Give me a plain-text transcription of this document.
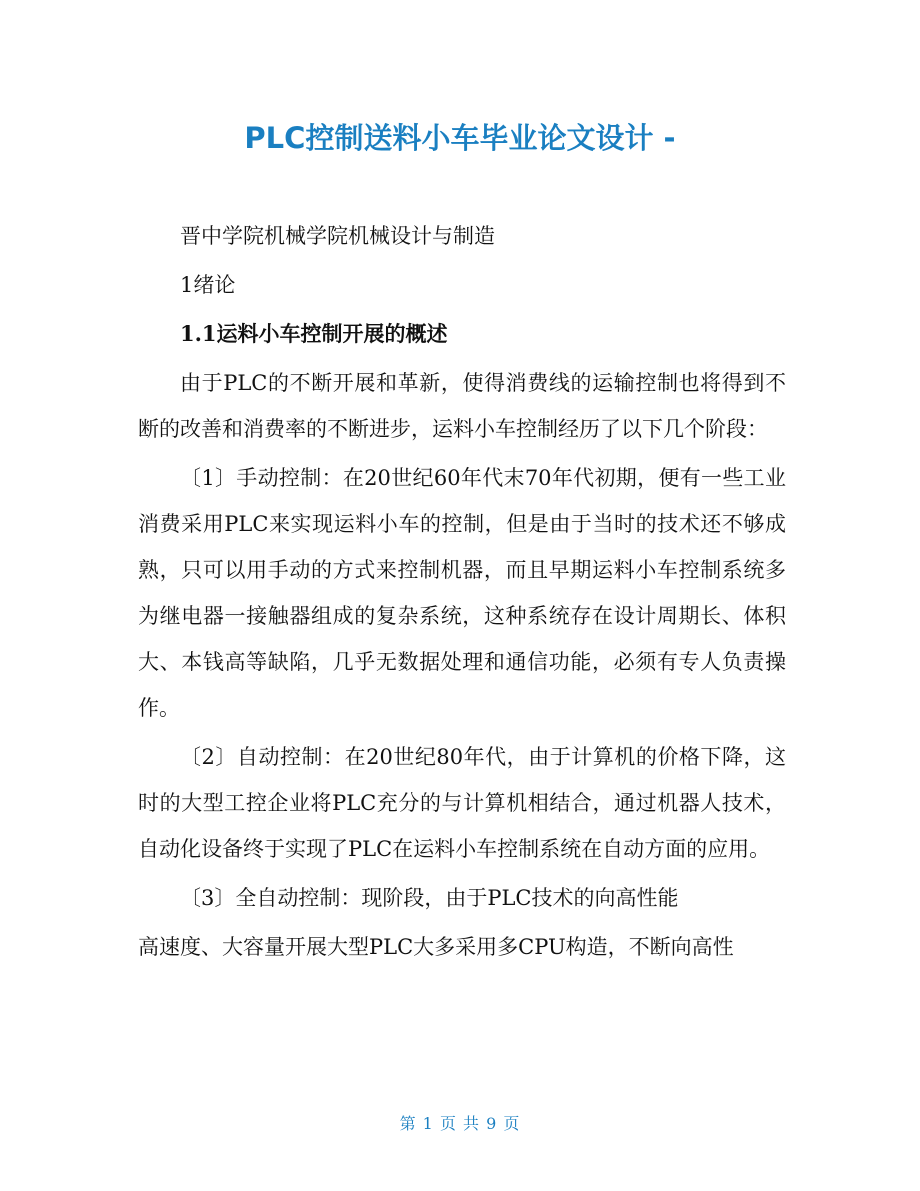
PLC控制送料小车毕业论文设计 -

晋中学院机械学院机械设计与制造

1绪论

1.1运料小车控制开展的概述

由于PLC的不断开展和革新，使得消费线的运输控制也将得到不断的改善和消费率的不断进步，运料小车控制经历了以下几个阶段：

〔1〕手动控制：在20世纪60年代末70年代初期，便有一些工业消费采用PLC来实现运料小车的控制，但是由于当时的技术还不够成熟，只可以用手动的方式来控制机器，而且早期运料小车控制系统多为继电器一接触器组成的复杂系统，这种系统存在设计周期长、体积大、本钱高等缺陷，几乎无数据处理和通信功能，必须有专人负责操作。

〔2〕自动控制：在20世纪80年代，由于计算机的价格下降，这时的大型工控企业将PLC充分的与计算机相结合，通过机器人技术，自动化设备终于实现了PLC在运料小车控制系统在自动方面的应用。

〔3〕全自动控制：现阶段，由于PLC技术的向高性能

高速度、大容量开展大型PLC大多采用多CPU构造，不断向高性

第 1 页 共 9 页
